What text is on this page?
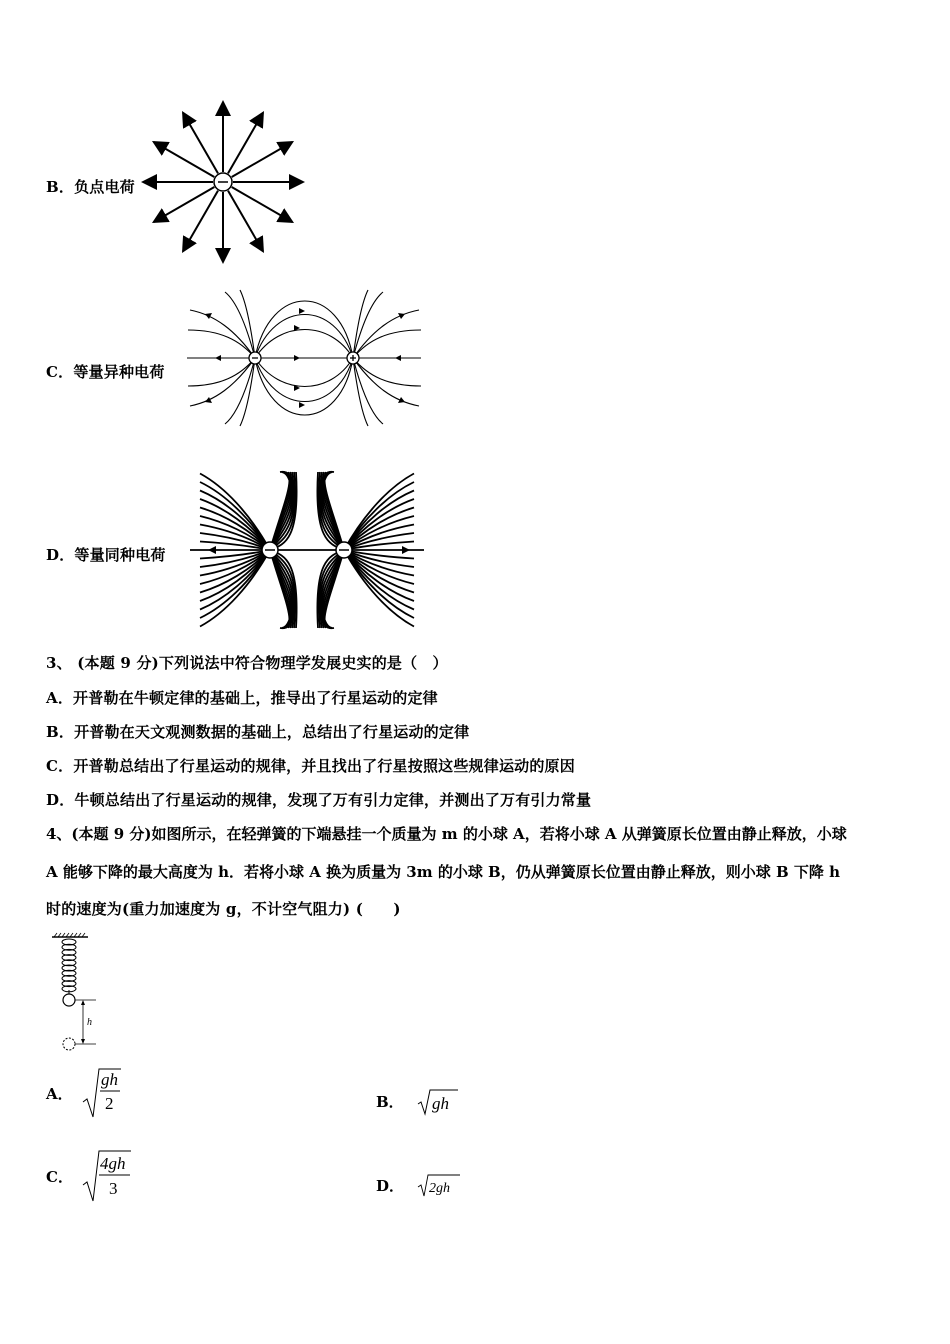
B．负点电荷
C．等量异种电荷
D．等量同种电荷
3、 (本题 9 分)下列说法中符合物理学发展史实的是（　）
A．开普勒在牛顿定律的基础上，推导出了行星运动的定律
B．开普勒在天文观测数据的基础上，总结出了行星运动的定律
C．开普勒总结出了行星运动的规律，并且找出了行星按照这些规律运动的原因
D．牛顿总结出了行星运动的规律，发现了万有引力定律，并测出了万有引力常量
4、(本题 9 分)如图所示，在轻弹簧的下端悬挂一个质量为 m 的小球 A，若将小球 A 从弹簧原长位置由静止释放，小球
A 能够下降的最大高度为 h．若将小球 A 换为质量为 3m 的小球 B，仍从弹簧原长位置由静止释放，则小球 B 下降 h
时的速度为(重力加速度为 g，不计空气阻力) (　　)
h
A．
gh
2	B． gh
C．
4gh
3	D． 2gh
